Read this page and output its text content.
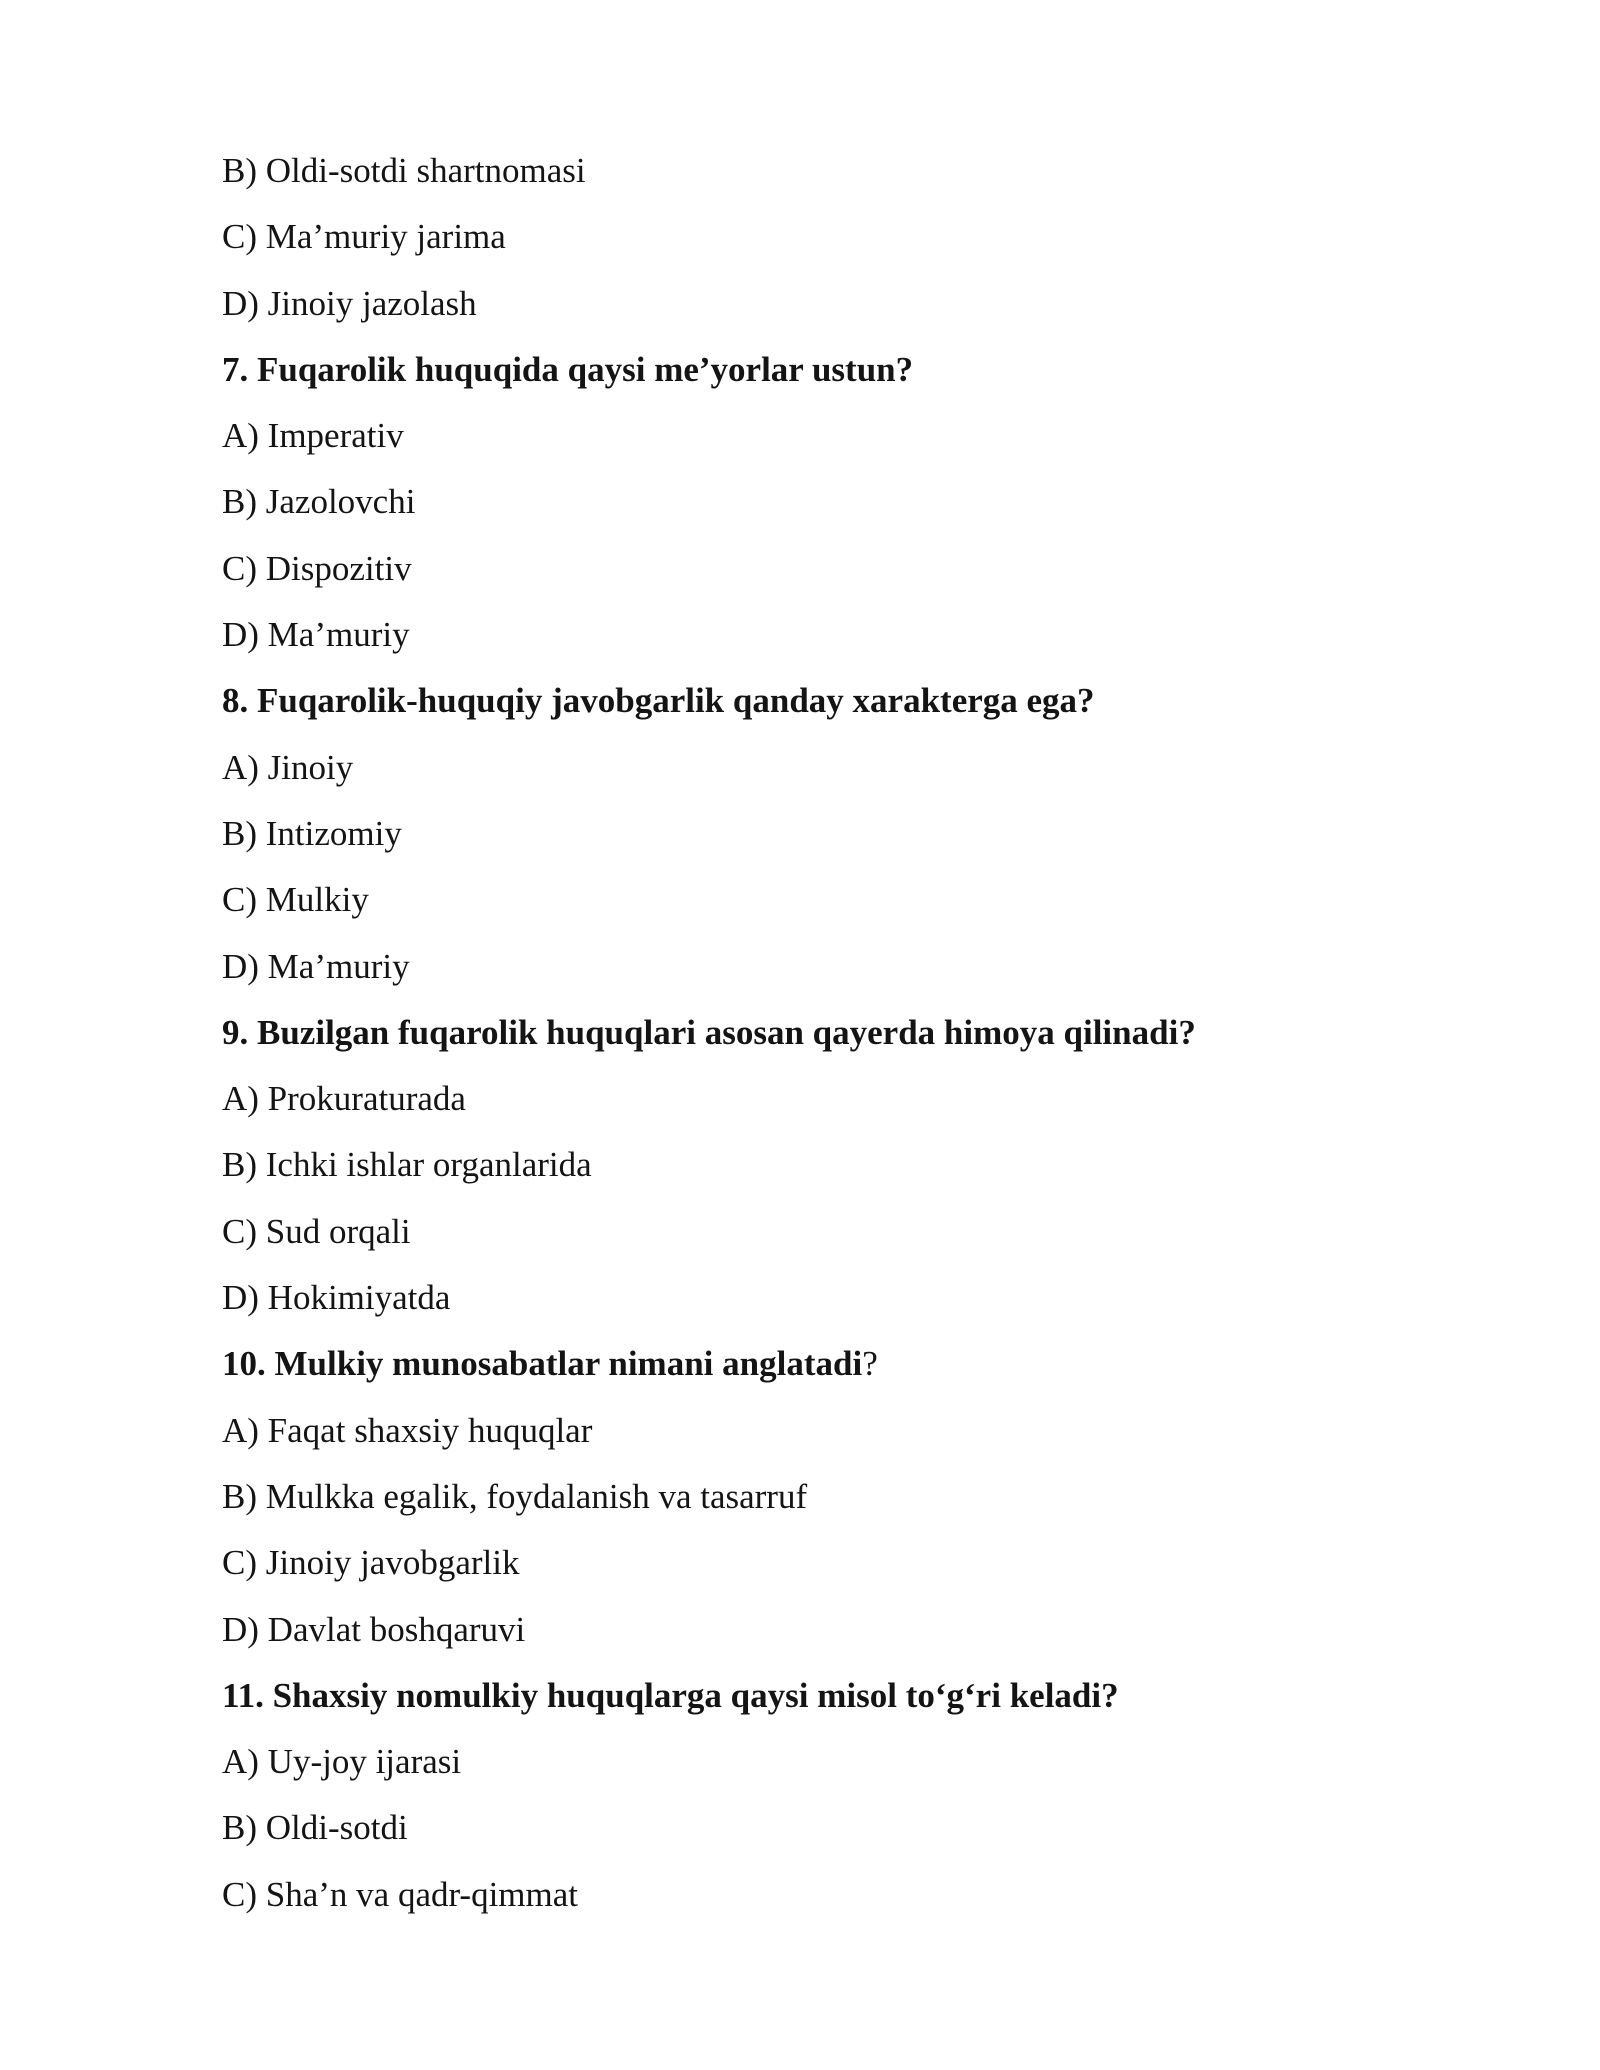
B) Oldi-sotdi shartnomasi
C) Ma’muriy jarima
D) Jinoiy jazolash
7. Fuqarolik huquqida qaysi me’yorlar ustun?
A) Imperativ
B) Jazolovchi
C) Dispozitiv
D) Ma’muriy
8. Fuqarolik-huquqiy javobgarlik qanday xarakterga ega?
A) Jinoiy
B) Intizomiy
C) Mulkiy
D) Ma’muriy
9. Buzilgan fuqarolik huquqlari asosan qayerda himoya qilinadi?
A) Prokuraturada
B) Ichki ishlar organlarida
C) Sud orqali
D) Hokimiyatda
10. Mulkiy munosabatlar nimani anglatadi?
A) Faqat shaxsiy huquqlar
B) Mulkka egalik, foydalanish va tasarruf
C) Jinoiy javobgarlik
D) Davlat boshqaruvi
11. Shaxsiy nomulkiy huquqlarga qaysi misol to‘g‘ri keladi?
A) Uy-joy ijarasi
B) Oldi-sotdi
C) Sha’n va qadr-qimmat
